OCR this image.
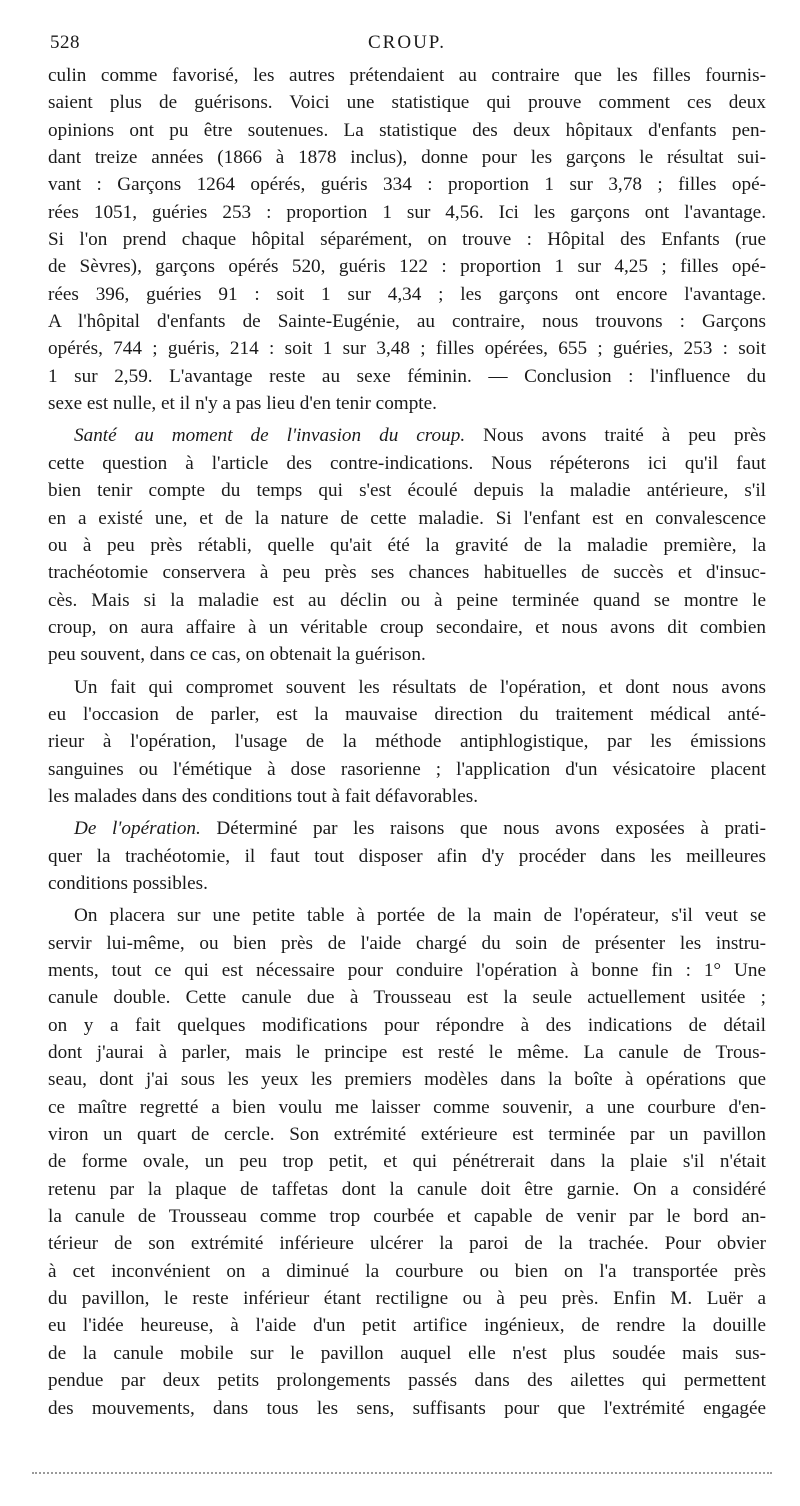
528	CROUP.
culin comme favorisé, les autres prétendaient au contraire que les filles fournis-
saient plus de guérisons. Voici une statistique qui prouve comment ces deux
opinions ont pu être soutenues. La statistique des deux hôpitaux d'enfants pen-
dant treize années (1866 à 1878 inclus), donne pour les garçons le résultat sui-
vant : Garçons 1264 opérés, guéris 334 : proportion 1 sur 3,78 ; filles opé-
rées 1051, guéries 253 : proportion 1 sur 4,56. Ici les garçons ont l'avantage.
Si l'on prend chaque hôpital séparément, on trouve : Hôpital des Enfants (rue
de Sèvres), garçons opérés 520, guéris 122 : proportion 1 sur 4,25 ; filles opé-
rées 396, guéries 91 : soit 1 sur 4,34 ; les garçons ont encore l'avantage.
A l'hôpital d'enfants de Sainte-Eugénie, au contraire, nous trouvons : Garçons
opérés, 744 ; guéris, 214 : soit 1 sur 3,48 ; filles opérées, 655 ; guéries, 253 : soit
1 sur 2,59. L'avantage reste au sexe féminin. — Conclusion : l'influence du
sexe est nulle, et il n'y a pas lieu d'en tenir compte.
Santé au moment de l'invasion du croup. Nous avons traité à peu près
cette question à l'article des contre-indications. Nous répéterons ici qu'il faut
bien tenir compte du temps qui s'est écoulé depuis la maladie antérieure, s'il
en a existé une, et de la nature de cette maladie. Si l'enfant est en convalescence
ou à peu près rétabli, quelle qu'ait été la gravité de la maladie première, la
trachéotomie conservera à peu près ses chances habituelles de succès et d'insuc-
cès. Mais si la maladie est au déclin ou à peine terminée quand se montre le
croup, on aura affaire à un véritable croup secondaire, et nous avons dit combien
peu souvent, dans ce cas, on obtenait la guérison.
Un fait qui compromet souvent les résultats de l'opération, et dont nous avons
eu l'occasion de parler, est la mauvaise direction du traitement médical anté-
rieur à l'opération, l'usage de la méthode antiphlogistique, par les émissions
sanguines ou l'émétique à dose rasorienne ; l'application d'un vésicatoire placent
les malades dans des conditions tout à fait défavorables.
De l'opération. Déterminé par les raisons que nous avons exposées à prati-
quer la trachéotomie, il faut tout disposer afin d'y procéder dans les meilleures
conditions possibles.
On placera sur une petite table à portée de la main de l'opérateur, s'il veut se
servir lui-même, ou bien près de l'aide chargé du soin de présenter les instru-
ments, tout ce qui est nécessaire pour conduire l'opération à bonne fin : 1° Une
canule double. Cette canule due à Trousseau est la seule actuellement usitée ;
on y a fait quelques modifications pour répondre à des indications de détail
dont j'aurai à parler, mais le principe est resté le même. La canule de Trous-
seau, dont j'ai sous les yeux les premiers modèles dans la boîte à opérations que
ce maître regretté a bien voulu me laisser comme souvenir, a une courbure d'en-
viron un quart de cercle. Son extrémité extérieure est terminée par un pavillon
de forme ovale, un peu trop petit, et qui pénétrerait dans la plaie s'il n'était
retenu par la plaque de taffetas dont la canule doit être garnie. On a considéré
la canule de Trousseau comme trop courbée et capable de venir par le bord an-
térieur de son extrémité inférieure ulcérer la paroi de la trachée. Pour obvier
à cet inconvénient on a diminué la courbure ou bien on l'a transportée près
du pavillon, le reste inférieur étant rectiligne ou à peu près. Enfin M. Luër a
eu l'idée heureuse, à l'aide d'un petit artifice ingénieux, de rendre la douille
de la canule mobile sur le pavillon auquel elle n'est plus soudée mais sus-
pendue par deux petits prolongements passés dans des ailettes qui permettent
des mouvements, dans tous les sens, suffisants pour que l'extrémité engagée
